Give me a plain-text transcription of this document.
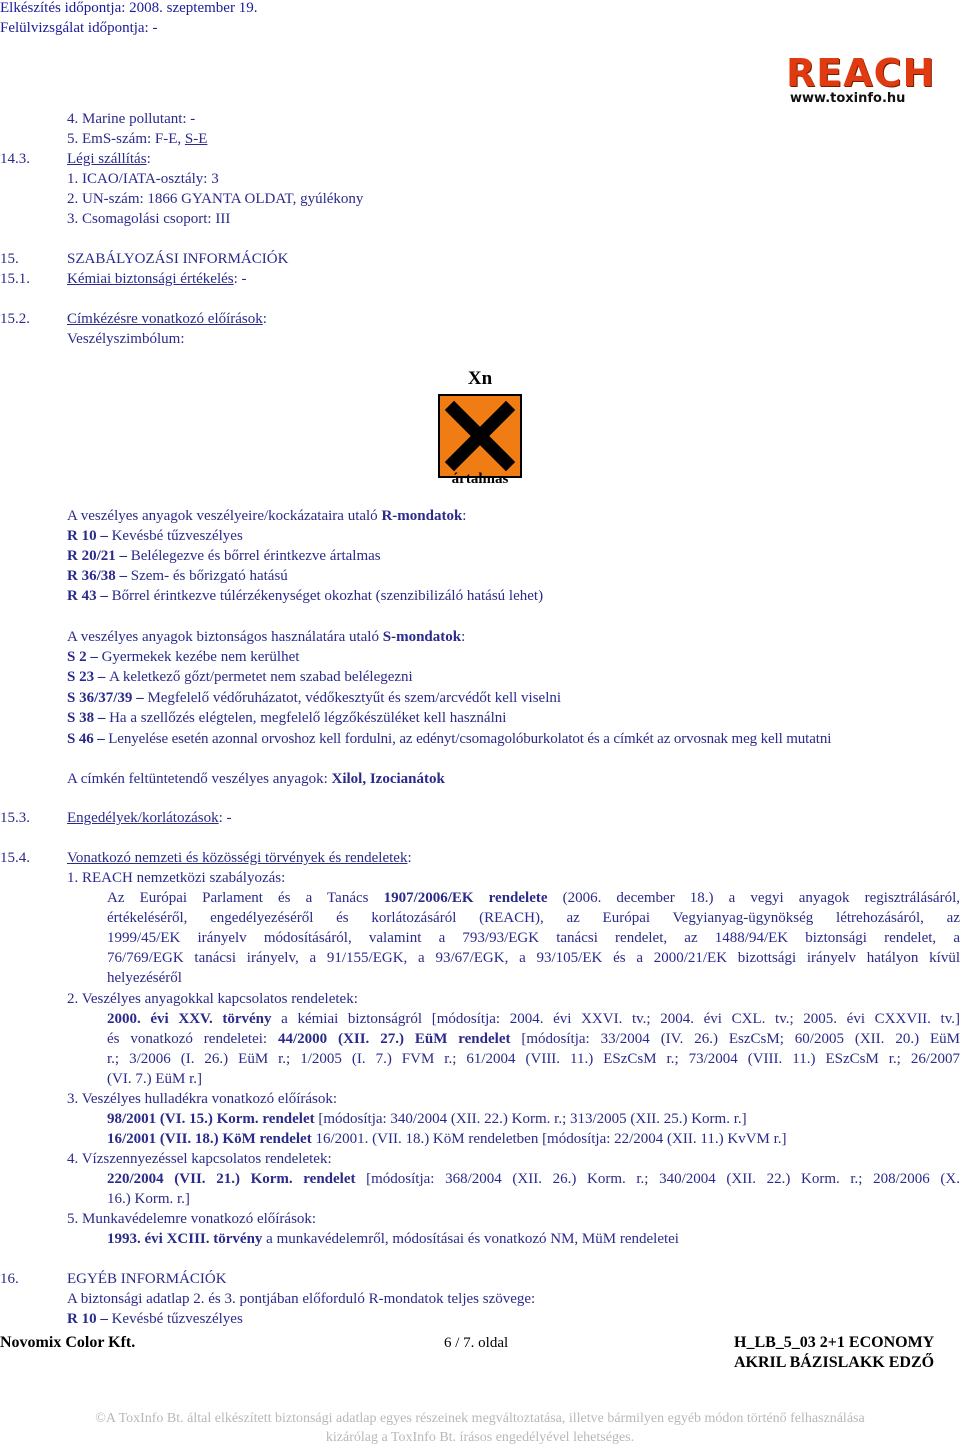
Elkészítés időpontja: 2008. szeptember 19.
Felülvizsgálat időpontja: -
REACH
www.toxinfo.hu
4. Marine pollutant: -
5. EmS-szám: F-E, S-E
14.3. Légi szállítás:
1. ICAO/IATA-osztály: 3
2. UN-szám: 1866 GYANTA OLDAT, gyúlékony
3. Csomagolási csoport: III
15.	SZABÁLYOZÁSI INFORMÁCIÓK
15.1. Kémiai biztonsági értékelés: -
15.2. Címkézésre vonatkozó előírások:
Veszélyszimbólum:
Xn
ártalmas
A veszélyes anyagok veszélyeire/kockázataira utaló R-mondatok:
R 10 – Kevésbé tűzveszélyes
R 20/21 – Belélegezve és bőrrel érintkezve ártalmas
R 36/38 – Szem- és bőrizgató hatású
R 43 – Bőrrel érintkezve túlérzékenységet okozhat (szenzibilizáló hatású lehet)
A veszélyes anyagok biztonságos használatára utaló S-mondatok:
S 2 – Gyermekek kezébe nem kerülhet
S 23 – A keletkező gőzt/permetet nem szabad belélegezni
S 36/37/39 – Megfelelő védőruházatot, védőkesztyűt és szem/arcvédőt kell viselni
S 38 – Ha a szellőzés elégtelen, megfelelő légzőkészüléket kell használni
S 46 – Lenyelése esetén azonnal orvoshoz kell fordulni, az edényt/csomagolóburkolatot és a címkét az orvosnak meg kell mutatni
A címkén feltüntetendő veszélyes anyagok: Xilol, Izocianátok
15.3. Engedélyek/korlátozások: -
15.4. Vonatkozó nemzeti és közösségi törvények és rendeletek:
1. REACH nemzetközi szabályozás:
Az Európai Parlament és a Tanács 1907/2006/EK rendelete (2006. december 18.) a vegyi anyagok regisztrálásáról,
értékeléséről, engedélyezéséről és korlátozásáról (REACH), az Európai Vegyianyag-ügynökség létrehozásáról, az
1999/45/EK irányelv módosításáról, valamint a 793/93/EGK tanácsi rendelet, az 1488/94/EK biztonsági rendelet, a
76/769/EGK tanácsi irányelv, a 91/155/EGK, a 93/67/EGK, a 93/105/EK és a 2000/21/EK bizottsági irányelv hatályon kívül
helyezéséről
2. Veszélyes anyagokkal kapcsolatos rendeletek:
2000. évi XXV. törvény a kémiai biztonságról [módosítja: 2004. évi XXVI. tv.; 2004. évi CXL. tv.; 2005. évi CXXVII. tv.]
és vonatkozó rendeletei: 44/2000 (XII. 27.) EüM rendelet [módosítja: 33/2004 (IV. 26.) EszCsM; 60/2005 (XII. 20.) EüM
r.; 3/2006 (I. 26.) EüM r.; 1/2005 (I. 7.) FVM r.; 61/2004 (VIII. 11.) ESzCsM r.; 73/2004 (VIII. 11.) ESzCsM r.; 26/2007
(VI. 7.) EüM r.]
3. Veszélyes hulladékra vonatkozó előírások:
98/2001 (VI. 15.) Korm. rendelet [módosítja: 340/2004 (XII. 22.) Korm. r.; 313/2005 (XII. 25.) Korm. r.]
16/2001 (VII. 18.) KöM rendelet 16/2001. (VII. 18.) KöM rendeletben [módosítja: 22/2004 (XII. 11.) KvVM r.]
4. Vízszennyezéssel kapcsolatos rendeletek:
220/2004 (VII. 21.) Korm. rendelet [módosítja: 368/2004 (XII. 26.) Korm. r.; 340/2004 (XII. 22.) Korm. r.; 208/2006 (X.
16.) Korm. r.]
5. Munkavédelemre vonatkozó előírások:
1993. évi XCIII. törvény a munkavédelemről, módosításai és vonatkozó NM, MüM rendeletei
16.	EGYÉB INFORMÁCIÓK
A biztonsági adatlap 2. és 3. pontjában előforduló R-mondatok teljes szövege:
R 10 – Kevésbé tűzveszélyes
Novomix Color Kft.	6 / 7. oldal	H_LB_5_03 2+1 ECONOMY
AKRIL BÁZISLAKK EDZŐ
©A ToxInfo Bt. által elkészített biztonsági adatlap egyes részeinek megváltoztatása, illetve bármilyen egyéb módon történő felhasználása
kizárólag a ToxInfo Bt. írásos engedélyével lehetséges.
